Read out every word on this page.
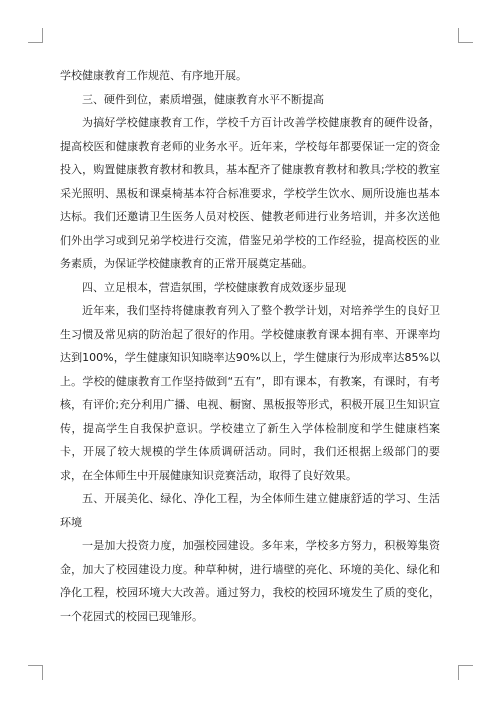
学校健康教育工作规范、有序地开展。

三、硬件到位，素质增强，健康教育水平不断提高

为搞好学校健康教育工作，学校千方百计改善学校健康教育的硬件设备，提高校医和健康教育老师的业务水平。近年来，学校每年都要保证一定的资金投入，购置健康教育教材和教具，基本配齐了健康教育教材和教具;学校的教室采光照明、黑板和课桌椅基本符合标准要求，学校学生饮水、厕所设施也基本达标。我们还邀请卫生医务人员对校医、健教老师进行业务培训，并多次送他们外出学习或到兄弟学校进行交流，借鉴兄弟学校的工作经验，提高校医的业务素质，为保证学校健康教育的正常开展奠定基础。

四、立足根本，营造氛围，学校健康教育成效逐步显现

近年来，我们坚持将健康教育列入了整个教学计划，对培养学生的良好卫生习惯及常见病的防治起了很好的作用。学校健康教育课本拥有率、开课率均达到100%，学生健康知识知晓率达90%以上，学生健康行为形成率达85%以上。学校的健康教育工作坚持做到“五有”，即有课本，有教案，有课时，有考核，有评价;充分利用广播、电视、橱窗、黑板报等形式，积极开展卫生知识宣传，提高学生自我保护意识。学校建立了新生入学体检制度和学生健康档案卡，开展了较大规模的学生体质调研活动。同时，我们还根据上级部门的要求，在全体师生中开展健康知识竞赛活动，取得了良好效果。

五、开展美化、绿化、净化工程，为全体师生建立健康舒适的学习、生活环境

一是加大投资力度，加强校园建设。多年来，学校多方努力，积极筹集资金，加大了校园建设力度。种草种树，进行墙壁的亮化、环境的美化、绿化和净化工程，校园环境大大改善。通过努力，我校的校园环境发生了质的变化，一个花园式的校园已现雏形。
